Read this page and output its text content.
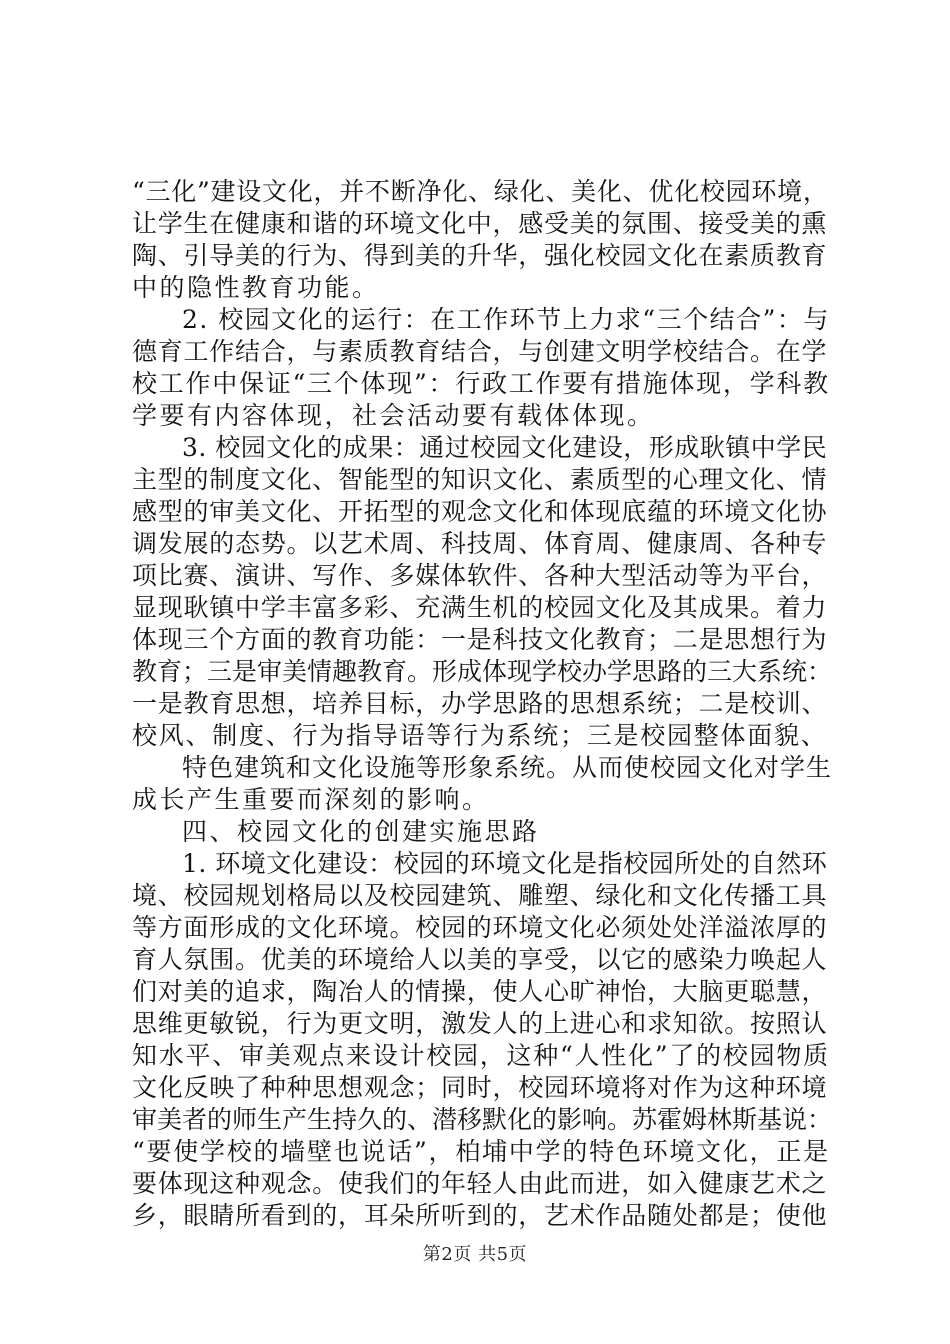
“三化”建设文化，并不断净化、绿化、美化、优化校园环境，
让学生在健康和谐的环境文化中，感受美的氛围、接受美的熏
陶、引导美的行为、得到美的升华，强化校园文化在素质教育
中的隐性教育功能。
2. 校园文化的运行：在工作环节上力求“三个结合”：与
德育工作结合，与素质教育结合，与创建文明学校结合。在学
校工作中保证“三个体现”：行政工作要有措施体现，学科教
学要有内容体现，社会活动要有载体体现。
3. 校园文化的成果：通过校园文化建设，形成耿镇中学民
主型的制度文化、智能型的知识文化、素质型的心理文化、情
感型的审美文化、开拓型的观念文化和体现底蕴的环境文化协
调发展的态势。以艺术周、科技周、体育周、健康周、各种专
项比赛、演讲、写作、多媒体软件、各种大型活动等为平台，
显现耿镇中学丰富多彩、充满生机的校园文化及其成果。着力
体现三个方面的教育功能：一是科技文化教育；二是思想行为
教育；三是审美情趣教育。形成体现学校办学思路的三大系统：
一是教育思想，培养目标，办学思路的思想系统；二是校训、
校风、制度、行为指导语等行为系统；三是校园整体面貌、
特色建筑和文化设施等形象系统。从而使校园文化对学生
成长产生重要而深刻的影响。
四、校园文化的创建实施思路
1. 环境文化建设：校园的环境文化是指校园所处的自然环
境、校园规划格局以及校园建筑、雕塑、绿化和文化传播工具
等方面形成的文化环境。校园的环境文化必须处处洋溢浓厚的
育人氛围。优美的环境给人以美的享受，以它的感染力唤起人
们对美的追求，陶冶人的情操，使人心旷神怡，大脑更聪慧，
思维更敏锐，行为更文明，激发人的上进心和求知欲。按照认
知水平、审美观点来设计校园，这种“人性化”了的校园物质
文化反映了种种思想观念；同时，校园环境将对作为这种环境
审美者的师生产生持久的、潜移默化的影响。苏霍姆林斯基说：
“要使学校的墙壁也说话”，柏埔中学的特色环境文化，正是
要体现这种观念。使我们的年轻人由此而进，如入健康艺术之
乡，眼睛所看到的，耳朵所听到的，艺术作品随处都是；使他
第2页 共5页
